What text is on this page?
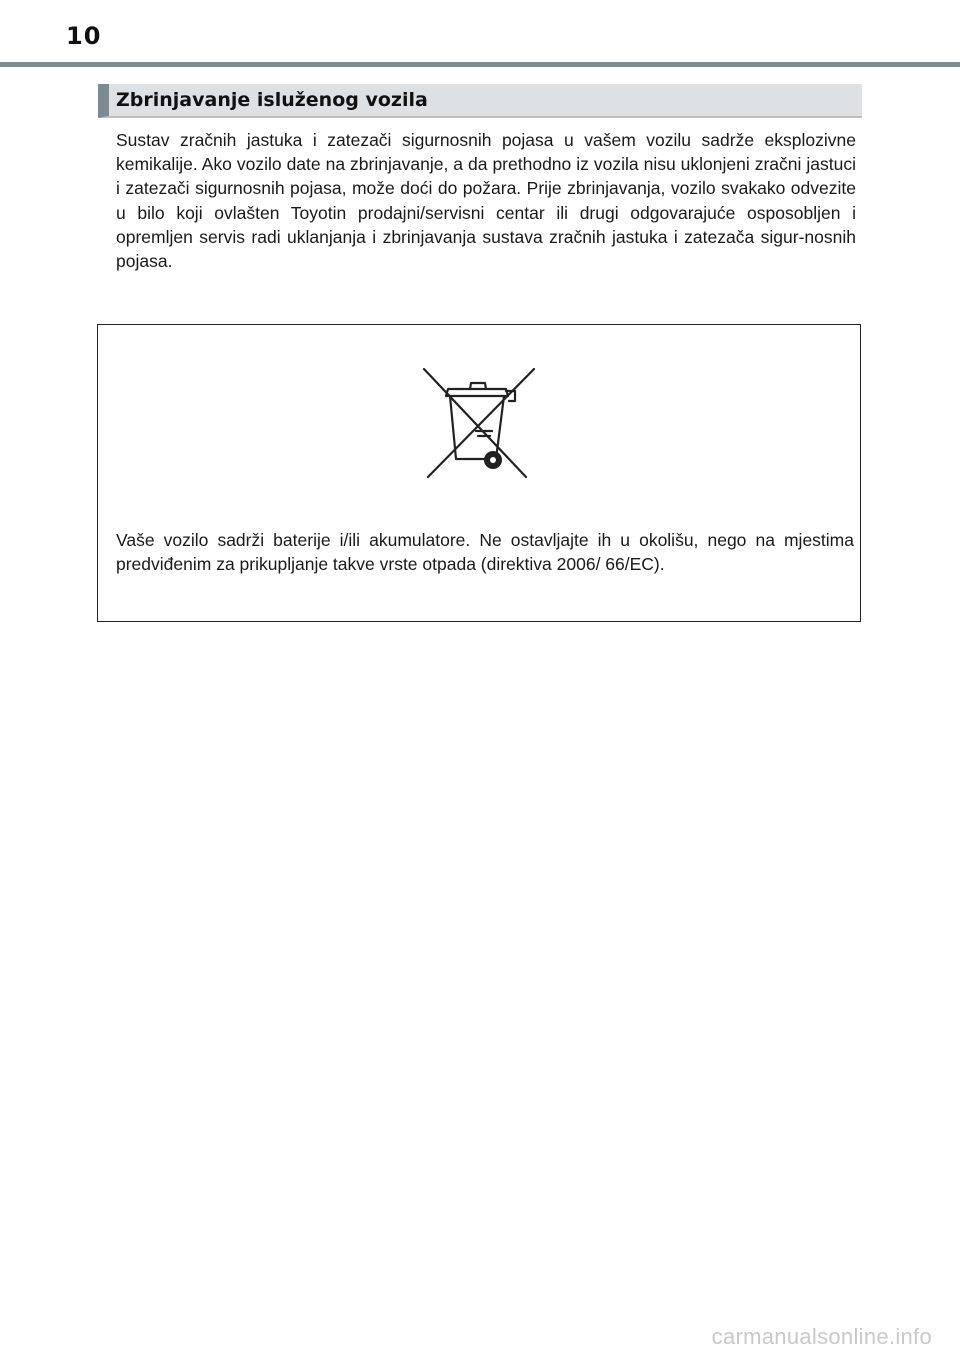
10
Zbrinjavanje isluženog vozila

Sustav zračnih jastuka i zatezači sigurnosnih pojasa u vašem vozilu sadrže eksplozivne kemikalije. Ako vozilo date na zbrinjavanje, a da prethodno iz vozila nisu uklonjeni zračni jastuci i zatezači sigurnosnih pojasa, može doći do požara. Prije zbrinjavanja, vozilo svakako odvezite u bilo koji ovlašten Toyotin prodajni/servisni centar ili drugi odgovarajuće osposobljen i opremljen servis radi uklanjanja i zbrinjavanja sustava zračnih jastuka i zatezača sigur-nosnih pojasa.

Vaše vozilo sadrži baterije i/ili akumulatore. Ne ostavljajte ih u okolišu, nego na mjestima predviđenim za prikupljanje takve vrste otpada (direktiva 2006/ 66/EC).

carmanualsonline.info
